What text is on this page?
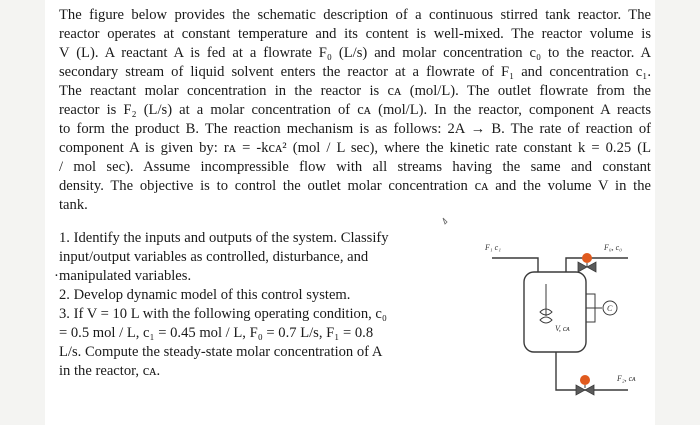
The figure below provides the schematic description of a continuous stirred tank reactor. The
reactor operates at constant temperature and its content is well-mixed. The reactor volume is
V (L). A reactant A is fed at a flowrate F₀ (L/s) and molar concentration c₀ to the reactor. A
secondary stream of liquid solvent enters the reactor at a flowrate of F₁ and concentration c₁.
The reactant molar concentration in the reactor is cᴀ (mol/L). The outlet flowrate from the
reactor is F₂ (L/s) at a molar concentration of cᴀ (mol/L). In the reactor, component A reacts
to form the product B. The reaction mechanism is as follows: 2A → B. The rate of reaction of
component A is given by: rᴀ = -kcᴀ² (mol / L sec), where the kinetic rate constant k = 0.25 (L
/ mol sec). Assume incompressible flow with all streams having the same and constant
density. The objective is to control the outlet molar concentration cᴀ and the volume V in the
tank.

1. Identify the inputs and outputs of the system. Classify
input/output variables as controlled, disturbance, and
· manipulated variables.
2. Develop dynamic model of this control system.
3. If V = 10 L with the following operating condition, c₀
= 0.5 mol / L, c₁ = 0.45 mol / L, F₀ = 0.7 L/s, F₁ = 0.8
L/s. Compute the steady-state molar concentration of A
in the reactor, cᴀ.
F₁ c₁	F₀, c₀
V, cᴀ
C
F₂, cᴀ
